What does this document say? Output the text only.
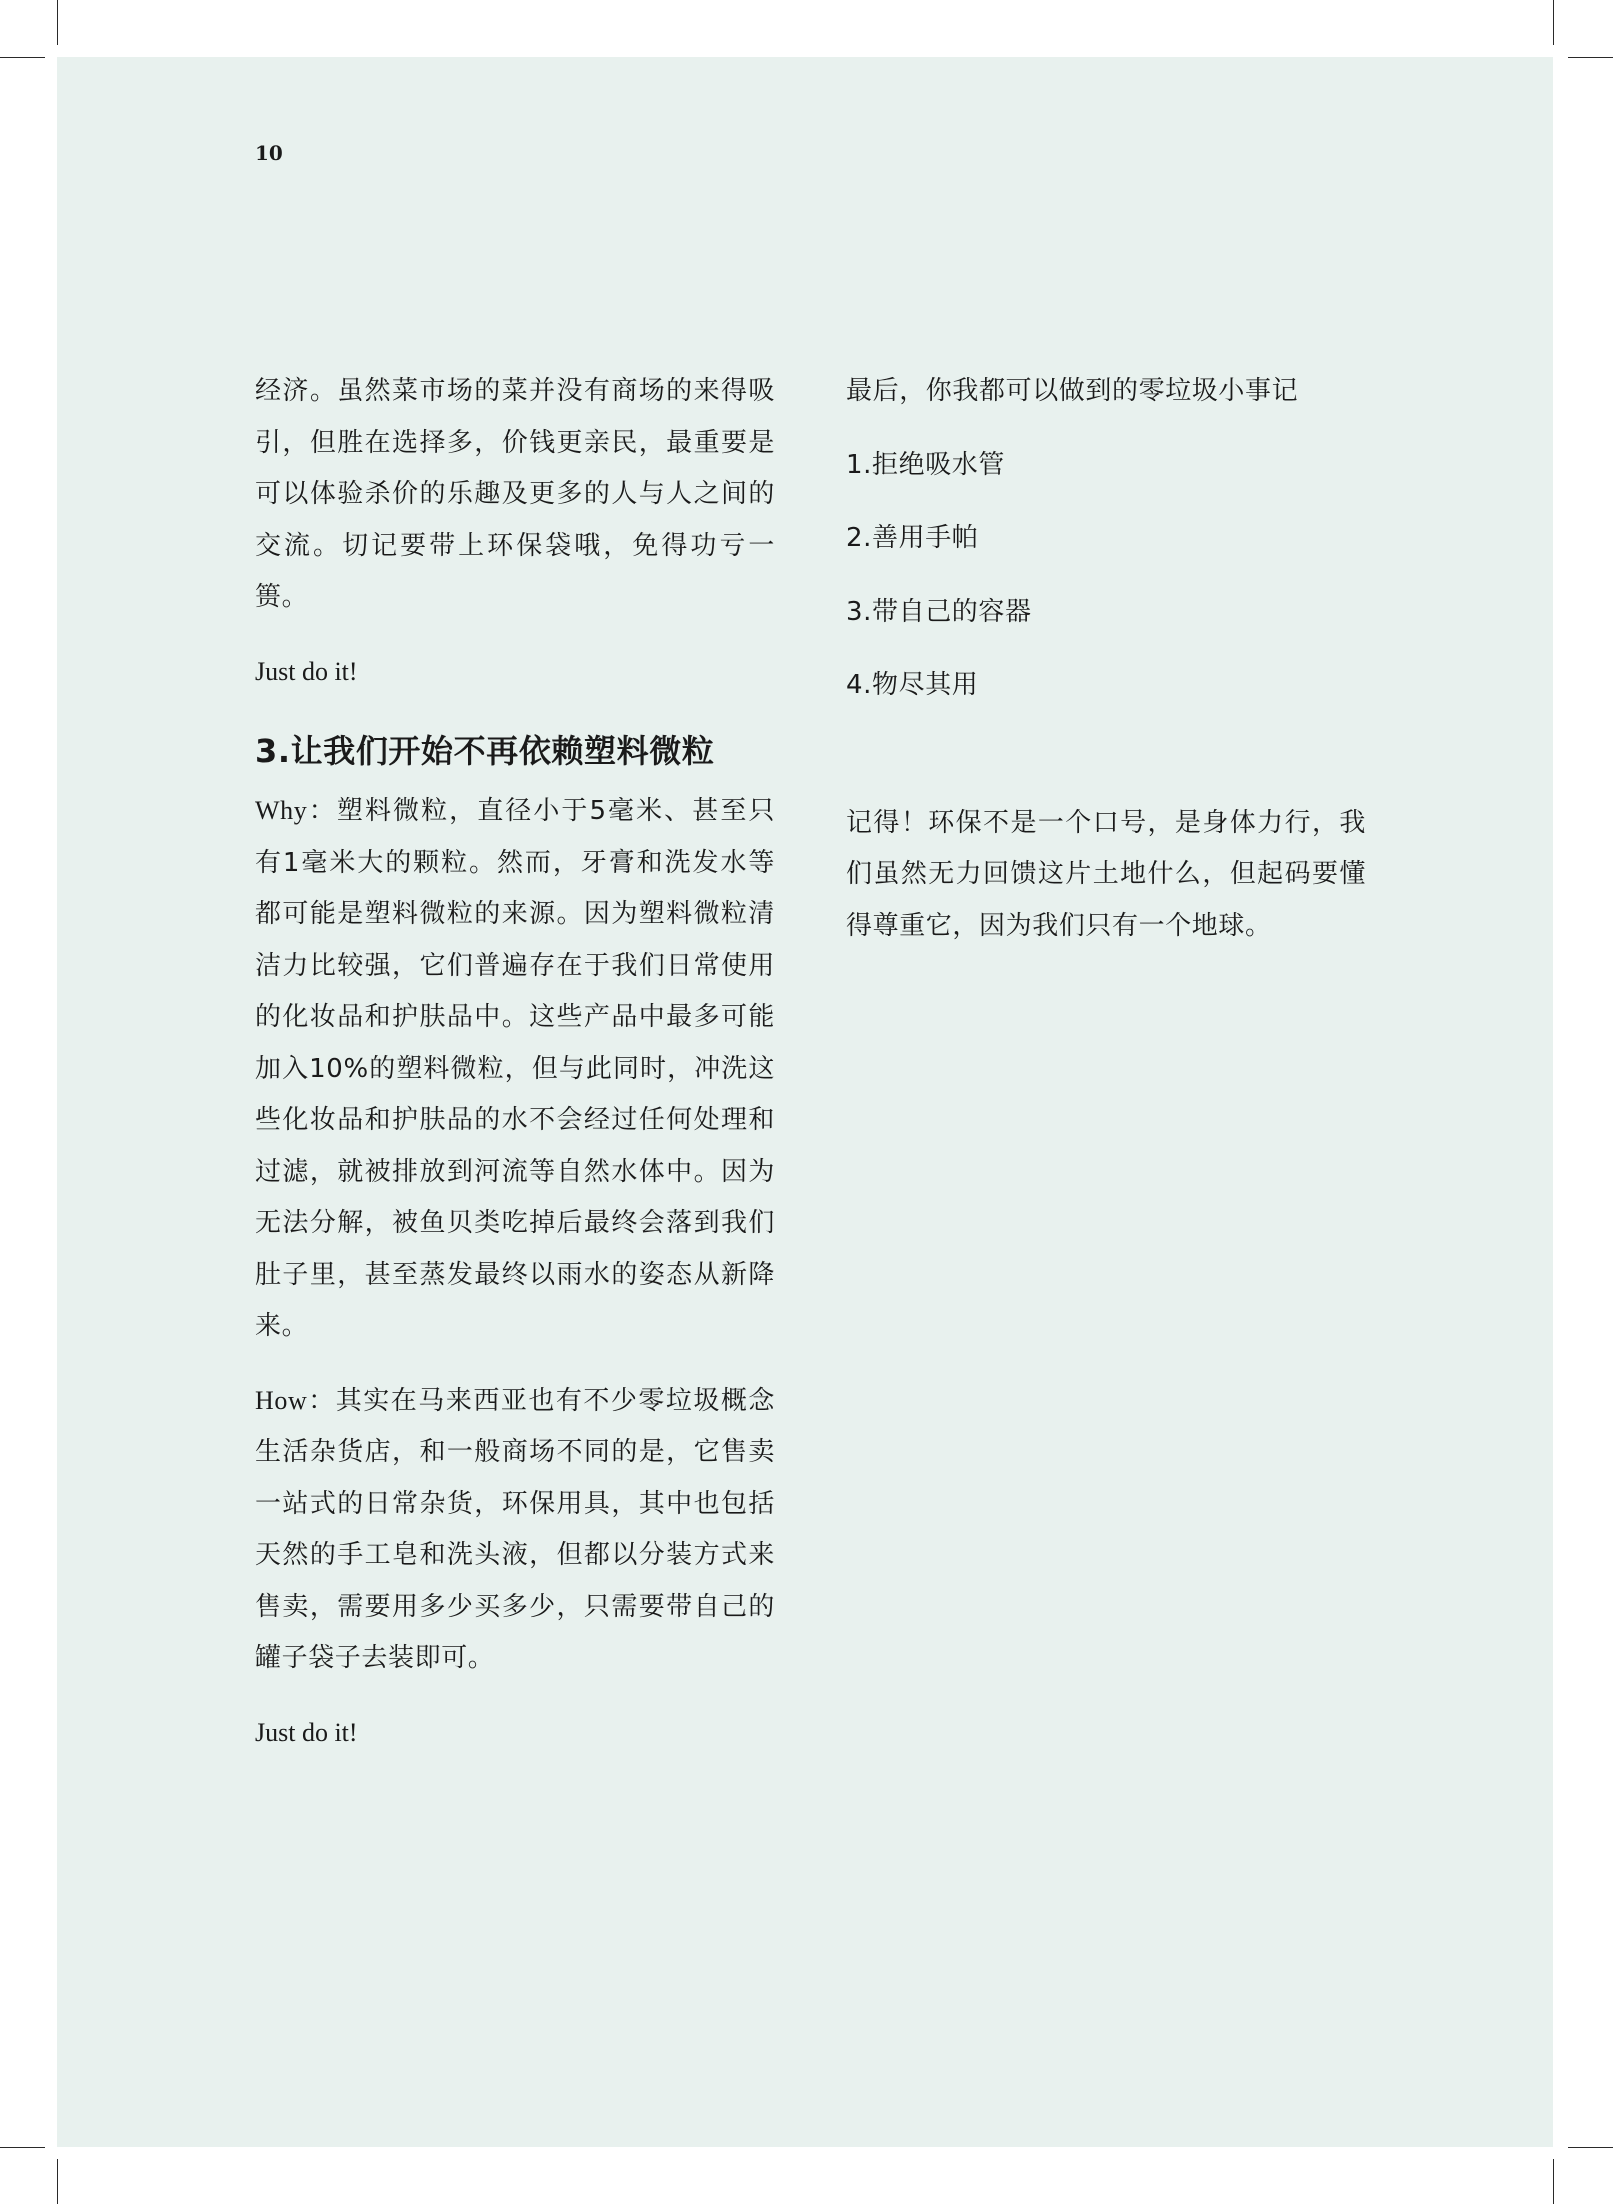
10

经济。虽然菜市场的菜并没有商场的来得吸引，但胜在选择多，价钱更亲民，最重要是可以体验杀价的乐趣及更多的人与人之间的交流。切记要带上环保袋哦，免得功亏一篑。

Just do it!

3.让我们开始不再依赖塑料微粒

Why：塑料微粒，直径小于5毫米、甚至只有1毫米大的颗粒。然而，牙膏和洗发水等都可能是塑料微粒的来源。因为塑料微粒清洁力比较强，它们普遍存在于我们日常使用的化妆品和护肤品中。这些产品中最多可能加入10%的塑料微粒，但与此同时，冲洗这些化妆品和护肤品的水不会经过任何处理和过滤，就被排放到河流等自然水体中。因为无法分解，被鱼贝类吃掉后最终会落到我们肚子里，甚至蒸发最终以雨水的姿态从新降来。

How：其实在马来西亚也有不少零垃圾概念生活杂货店，和一般商场不同的是，它售卖一站式的日常杂货，环保用具，其中也包括天然的手工皂和洗头液，但都以分装方式来售卖，需要用多少买多少，只需要带自己的罐子袋子去装即可。

Just do it!

最后，你我都可以做到的零垃圾小事记

1.拒绝吸水管

2.善用手帕

3.带自己的容器

4.物尽其用

记得！环保不是一个口号，是身体力行，我们虽然无力回馈这片土地什么，但起码要懂得尊重它，因为我们只有一个地球。
